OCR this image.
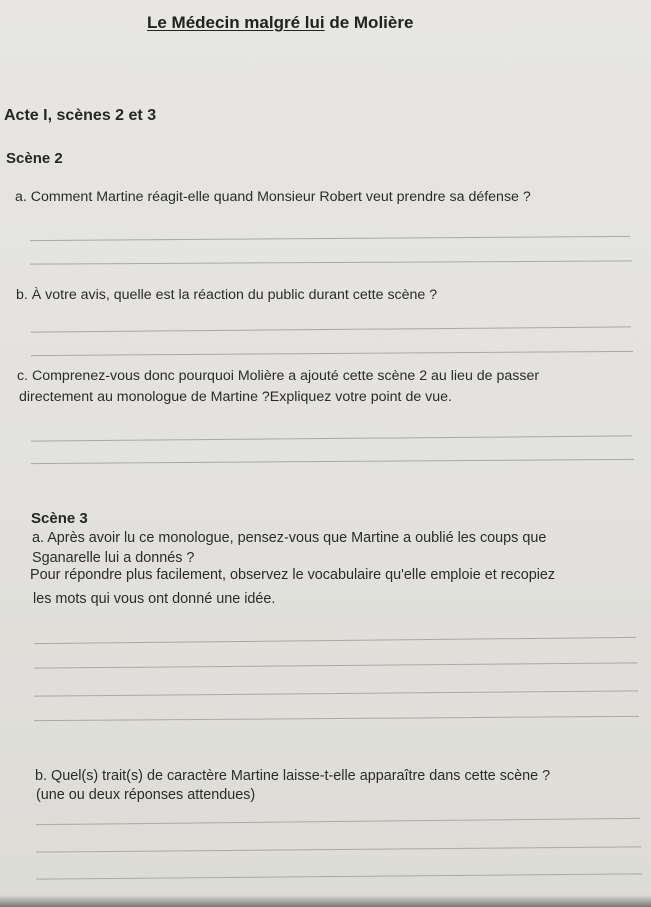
Le Médecin malgré lui de Molière
Acte I, scènes 2 et 3
Scène 2
a. Comment Martine réagit-elle quand Monsieur Robert veut prendre sa défense ?
b. À votre avis, quelle est la réaction du public durant cette scène ?
c. Comprenez-vous donc pourquoi Molière a ajouté cette scène 2 au lieu de passer
directement au monologue de Martine ?Expliquez votre point de vue.
Scène 3
a. Après avoir lu ce monologue, pensez-vous que Martine a oublié les coups que
Sganarelle lui a donnés ?
Pour répondre plus facilement, observez le vocabulaire qu'elle emploie et recopiez
les mots qui vous ont donné une idée.
b. Quel(s) trait(s) de caractère Martine laisse-t-elle apparaître dans cette scène ?
(une ou deux réponses attendues)
